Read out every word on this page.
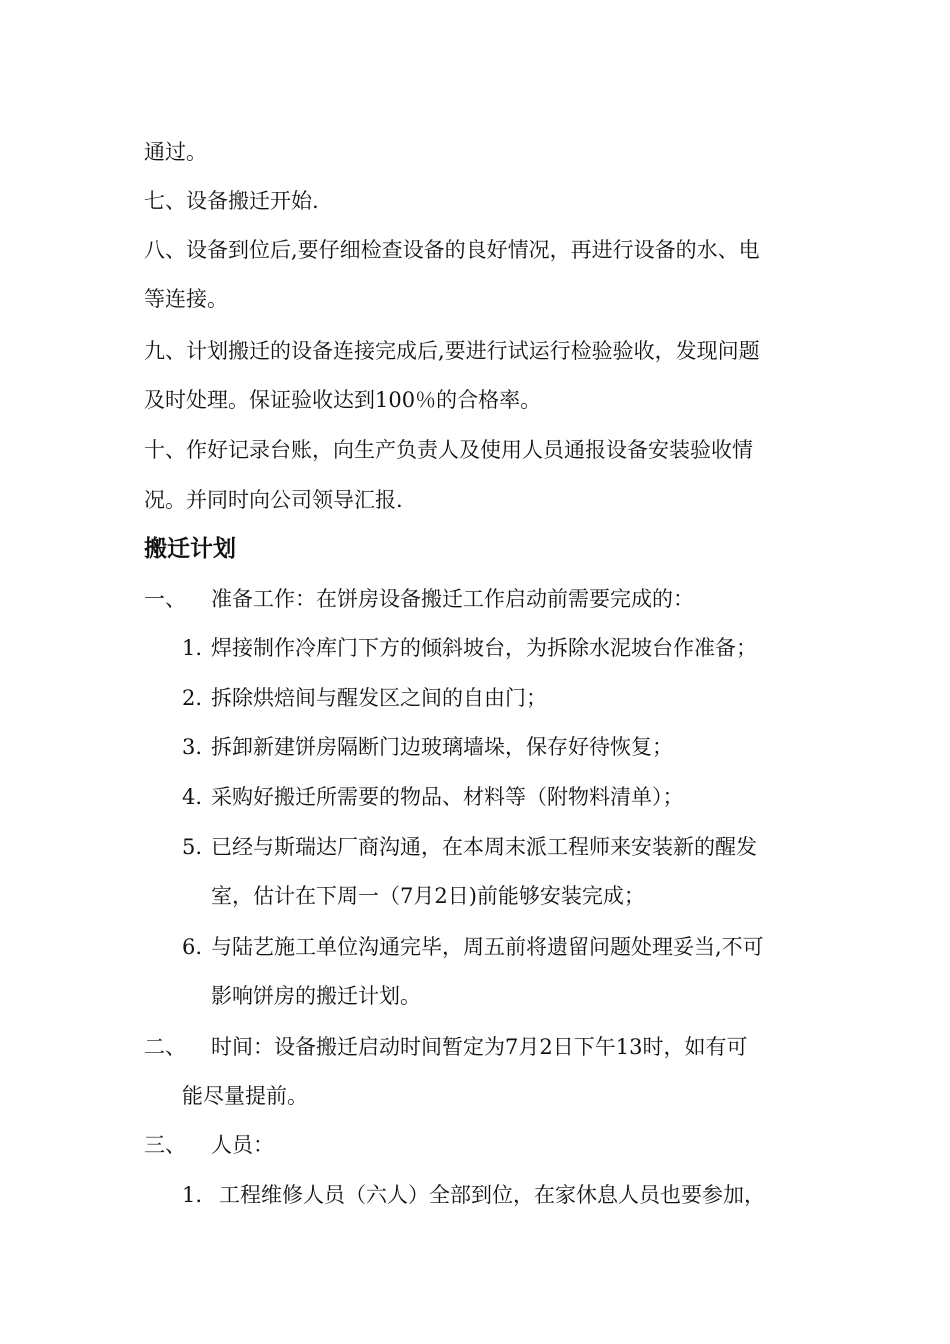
通过。
七、设备搬迁开始.
八、设备到位后,要仔细检查设备的良好情况，再进行设备的水、电
等连接。
九、计划搬迁的设备连接完成后,要进行试运行检验验收，发现问题
及时处理。保证验收达到100％的合格率。
十、作好记录台账，向生产负责人及使用人员通报设备安装验收情
况。并同时向公司领导汇报.
搬迁计划
一、 准备工作：在饼房设备搬迁工作启动前需要完成的：
1. 焊接制作冷库门下方的倾斜坡台，为拆除水泥坡台作准备；
2. 拆除烘焙间与醒发区之间的自由门；
3. 拆卸新建饼房隔断门边玻璃墙垛，保存好待恢复；
4. 采购好搬迁所需要的物品、材料等（附物料清单）；
5. 已经与斯瑞达厂商沟通，在本周末派工程师来安装新的醒发
室，估计在下周一（7月2日)前能够安装完成；
6. 与陆艺施工单位沟通完毕，周五前将遗留问题处理妥当,不可
影响饼房的搬迁计划。
二、 时间：设备搬迁启动时间暂定为7月2日下午13时，如有可
能尽量提前。
三、 人员：
1. 工程维修人员（六人）全部到位，在家休息人员也要参加，
